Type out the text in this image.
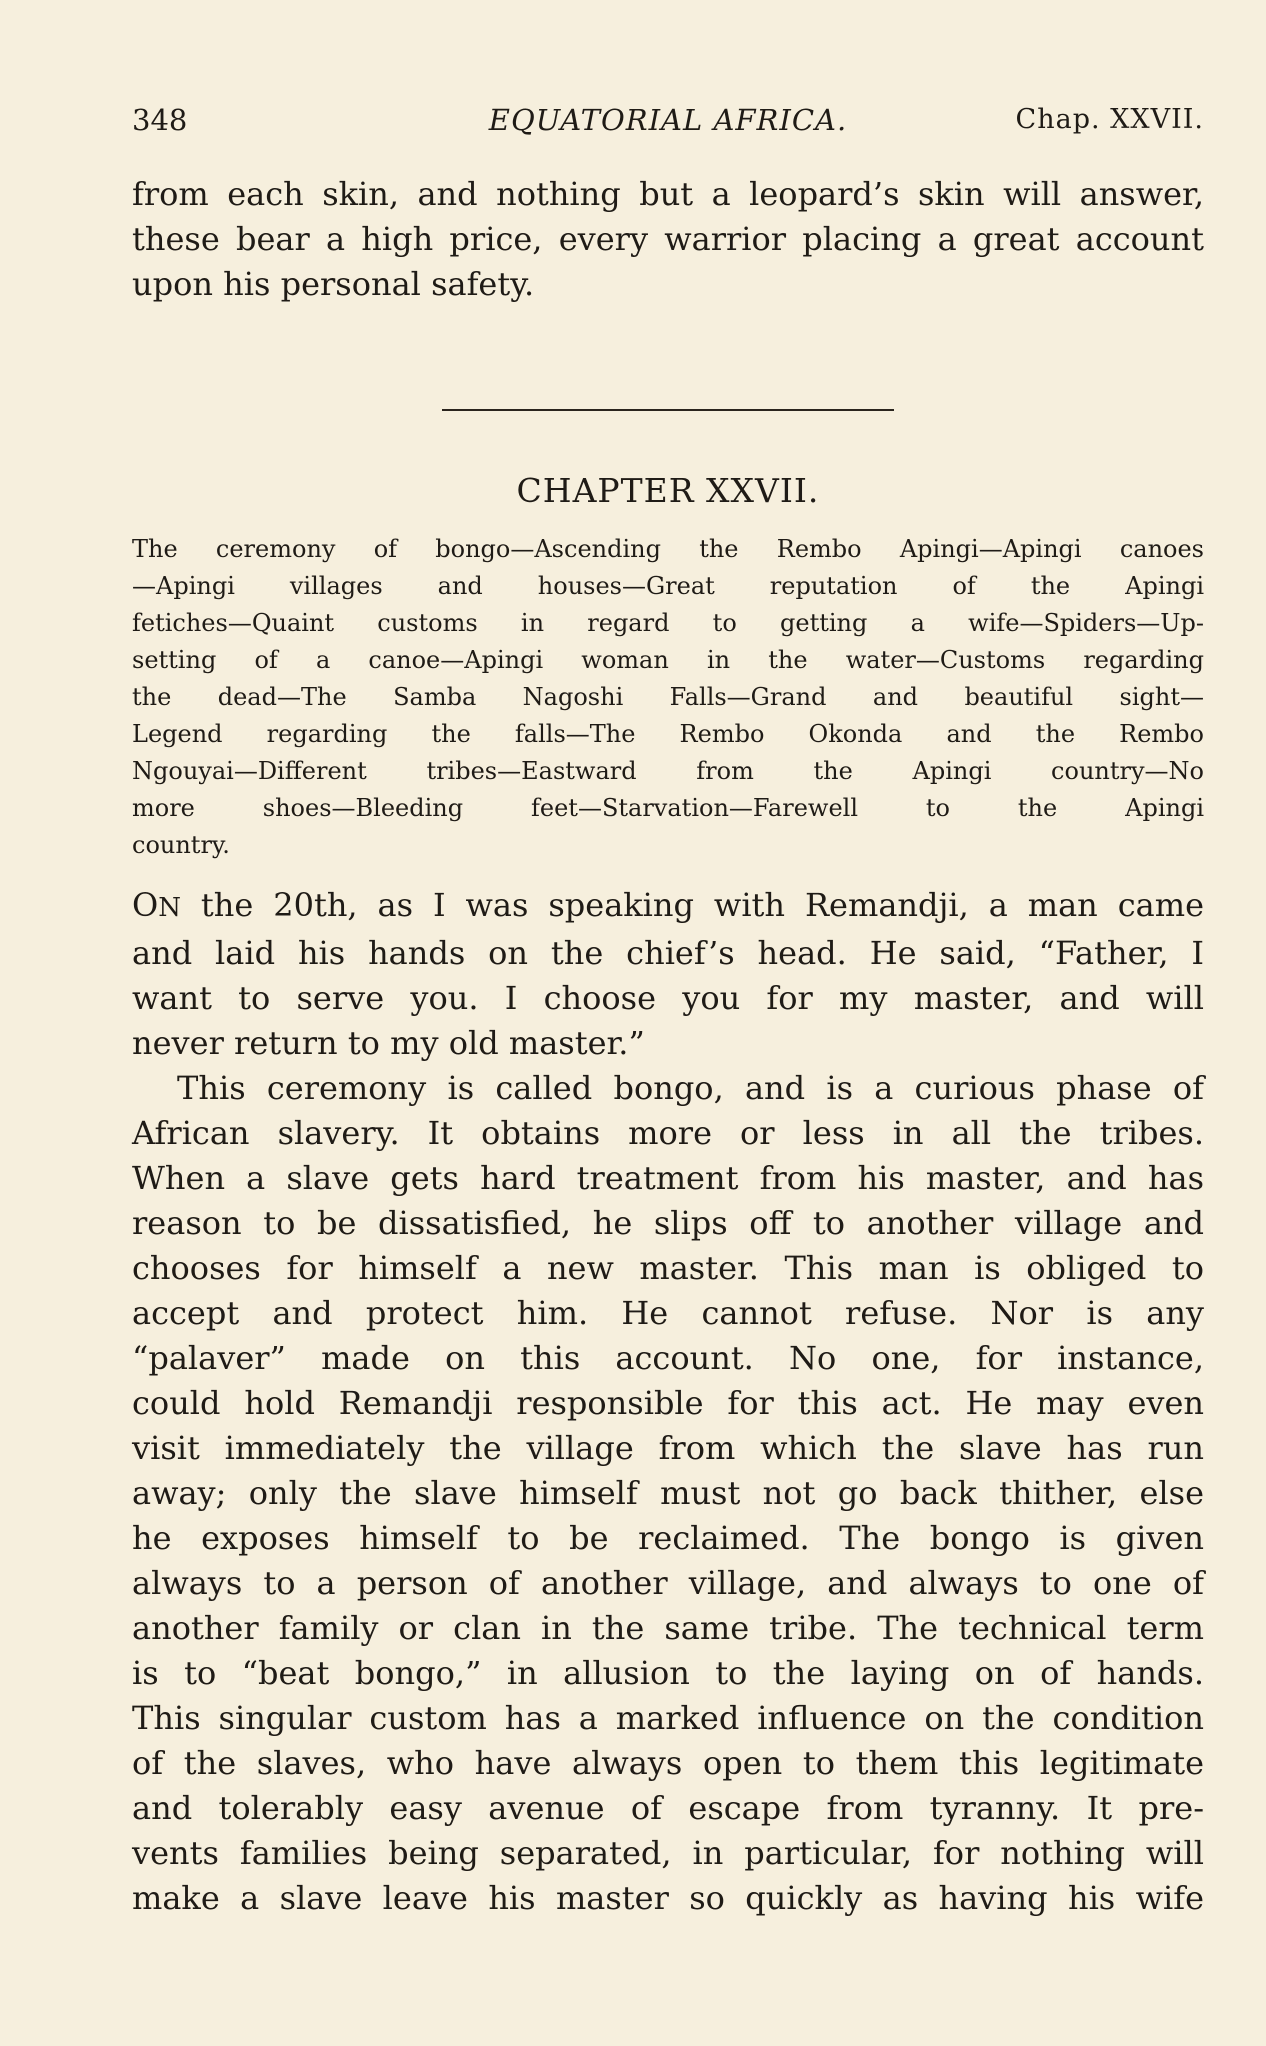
348	EQUATORIAL AFRICA.	Chap. XXVII.
from each skin, and nothing but a leopard’s skin will answer,
these bear a high price, every warrior placing a great account
upon his personal safety.
CHAPTER XXVII.
The ceremony of bongo—Ascending the Rembo Apingi—Apingi canoes
—Apingi villages and houses—Great reputation of the Apingi
fetiches—Quaint customs in regard to getting a wife—Spiders—Up-
setting of a canoe—Apingi woman in the water—Customs regarding
the dead—The Samba Nagoshi Falls—Grand and beautiful sight—
Legend regarding the falls—The Rembo Okonda and the Rembo
Ngouyai—Different tribes—Eastward from the Apingi country—No
more shoes—Bleeding feet—Starvation—Farewell to the Apingi
country.
ON the 20th, as I was speaking with Remandji, a man came
and laid his hands on the chief’s head. He said, “Father, I
want to serve you. I choose you for my master, and will
never return to my old master.”
This ceremony is called bongo, and is a curious phase of
African slavery. It obtains more or less in all the tribes.
When a slave gets hard treatment from his master, and has
reason to be dissatisfied, he slips off to another village and
chooses for himself a new master. This man is obliged to
accept and protect him. He cannot refuse. Nor is any
“palaver” made on this account. No one, for instance,
could hold Remandji responsible for this act. He may even
visit immediately the village from which the slave has run
away; only the slave himself must not go back thither, else
he exposes himself to be reclaimed. The bongo is given
always to a person of another village, and always to one of
another family or clan in the same tribe. The technical term
is to “beat bongo,” in allusion to the laying on of hands.
This singular custom has a marked influence on the condition
of the slaves, who have always open to them this legitimate
and tolerably easy avenue of escape from tyranny. It pre-
vents families being separated, in particular, for nothing will
make a slave leave his master so quickly as having his wife
